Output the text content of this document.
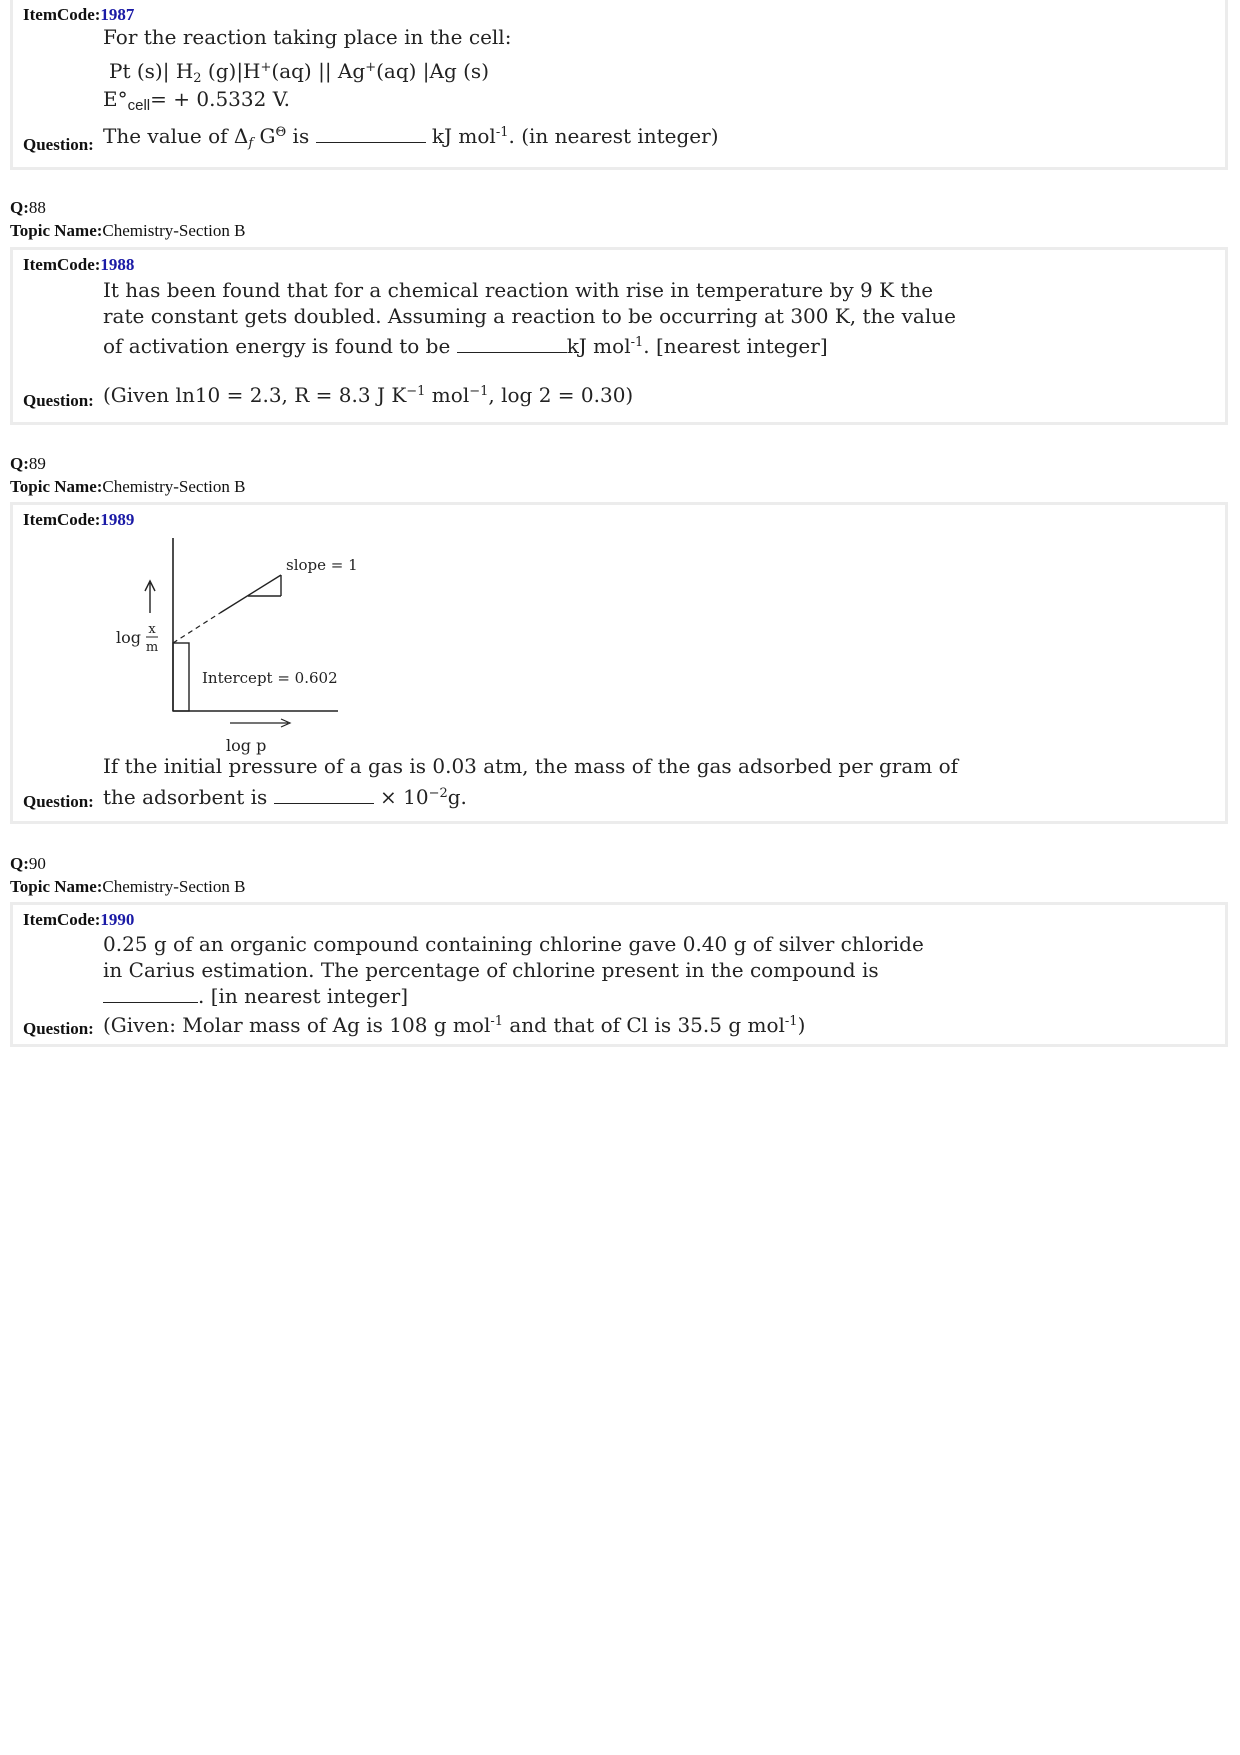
ItemCode:1987
For the reaction taking place in the cell:
Pt (s)| $H_2$ (g)|H+(aq) || Ag+(aq) |Ag (s)
$E^\circ_{cell}= + 0.5332$ V.
Question: The value of $\Delta_f$ $G^\Theta$ is	kJ mol$^{-1}$. (in nearest integer)
Q:88
Topic Name:Chemistry-Section B
ItemCode:1988
It has been found that for a chemical reaction with rise in temperature by 9 K the
rate constant gets doubled. Assuming a reaction to be occurring at 300 K, the value
of activation energy is found to be	kJ mol$^{-1}$. [nearest integer]
Question: (Given ln10 = 2.3, R = 8.3 J $K^{-1}$ mol$^{-1}$, log 2 = 0.30)
Q:89
Topic Name:Chemistry-Section B
ItemCode:1989
slope = 1
log x
m
Intercept = 0.602
log p
If the initial pressure of a gas is 0.03 atm, the mass of the gas adsorbed per gram of
Question: the adsorbent is	× $10^{-2}g$.
Q:90
Topic Name:Chemistry-Section B
ItemCode:1990
0.25 g of an organic compound containing chlorine gave 0.40 g of silver chloride
in Carius estimation. The percentage of chlorine present in the compound is
. [in nearest integer]
Question: (Given: Molar mass of Ag is 108 g mol$^{-1}$ and that of Cl is 35.5 g mol$^{-1}$)
